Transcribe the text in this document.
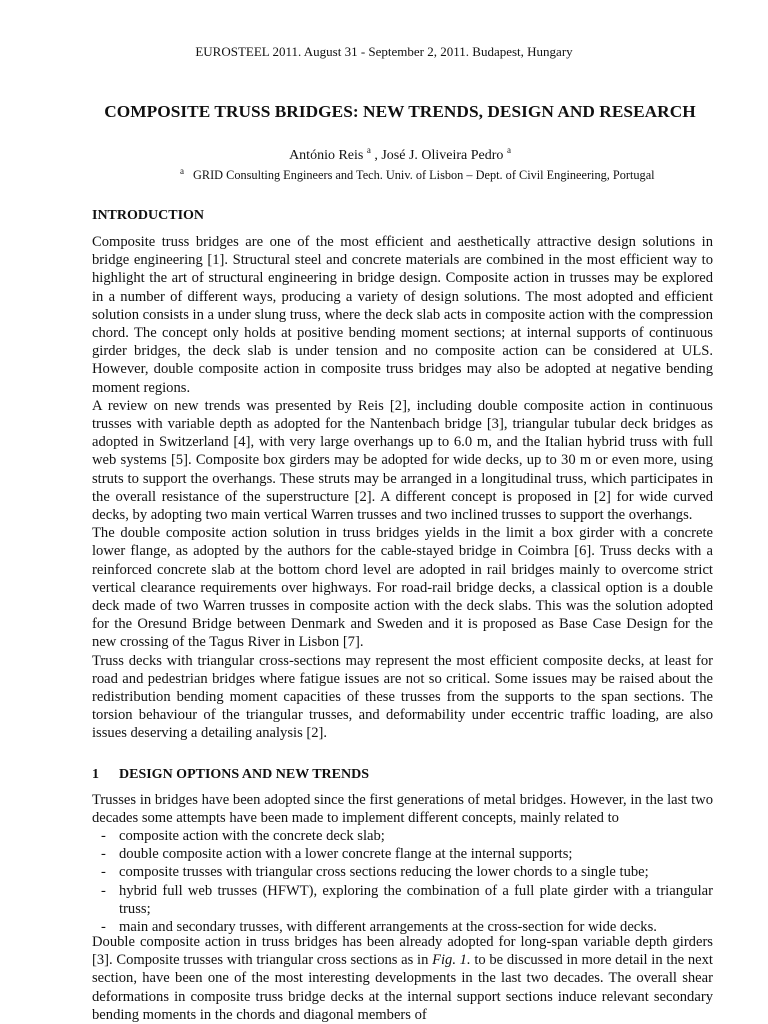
EUROSTEEL 2011. August 31 - September 2, 2011. Budapest, Hungary
COMPOSITE TRUSS BRIDGES: NEW TRENDS, DESIGN AND RESEARCH
António Reis $^a$ , José J. Oliveira Pedro $^a$
a GRID Consulting Engineers and Tech. Univ. of Lisbon – Dept. of Civil Engineering, Portugal
INTRODUCTION

Composite truss bridges are one of the most efficient and aesthetically attractive design solutions in bridge engineering [1]. Structural steel and concrete materials are combined in the most efficient way to highlight the art of structural engineering in bridge design. Composite action in trusses may be explored in a number of different ways, producing a variety of design solutions. The most adopted and efficient solution consists in a under slung truss, where the deck slab acts in composite action with the compression chord. The concept only holds at positive bending moment sections; at internal supports of continuous girder bridges, the deck slab is under tension and no composite action can be considered at ULS. However, double composite action in composite truss bridges may also be adopted at negative bending moment regions.

A review on new trends was presented by Reis [2], including double composite action in continuous trusses with variable depth as adopted for the Nantenbach bridge [3], triangular tubular deck bridges as adopted in Switzerland [4], with very large overhangs up to 6.0 m, and the Italian hybrid truss with full web systems [5]. Composite box girders may be adopted for wide decks, up to 30 m or even more, using struts to support the overhangs. These struts may be arranged in a longitudinal truss, which participates in the overall resistance of the superstructure [2]. A different concept is proposed in [2] for wide curved decks, by adopting two main vertical Warren trusses and two inclined trusses to support the overhangs.

The double composite action solution in truss bridges yields in the limit a box girder with a concrete lower flange, as adopted by the authors for the cable-stayed bridge in Coimbra [6]. Truss decks with a reinforced concrete slab at the bottom chord level are adopted in rail bridges mainly to overcome strict vertical clearance requirements over highways. For road-rail bridge decks, a classical option is a double deck made of two Warren trusses in composite action with the deck slabs. This was the solution adopted for the Oresund Bridge between Denmark and Sweden and it is proposed as Base Case Design for the new crossing of the Tagus River in Lisbon [7].

Truss decks with triangular cross-sections may represent the most efficient composite decks, at least for road and pedestrian bridges where fatigue issues are not so critical. Some issues may be raised about the redistribution bending moment capacities of these trusses from the supports to the span sections. The torsion behaviour of the triangular trusses, and deformability under eccentric traffic loading, are also issues deserving a detailing analysis [2].

1 DESIGN OPTIONS AND NEW TRENDS

Trusses in bridges have been adopted since the first generations of metal bridges. However, in the last two decades some attempts have been made to implement different concepts, mainly related to

- composite action with the concrete deck slab;
- double composite action with a lower concrete flange at the internal supports;
- composite trusses with triangular cross sections reducing the lower chords to a single tube;
- hybrid full web trusses (HFWT), exploring the combination of a full plate girder with a triangular truss;
- main and secondary trusses, with different arrangements at the cross-section for wide decks.

Double composite action in truss bridges has been already adopted for long-span variable depth girders [3]. Composite trusses with triangular cross sections as in Fig. 1. to be discussed in more detail in the next section, have been one of the most interesting developments in the last two decades. The overall shear deformations in composite truss bridge decks at the internal support sections induce relevant secondary bending moments in the chords and diagonal members of
